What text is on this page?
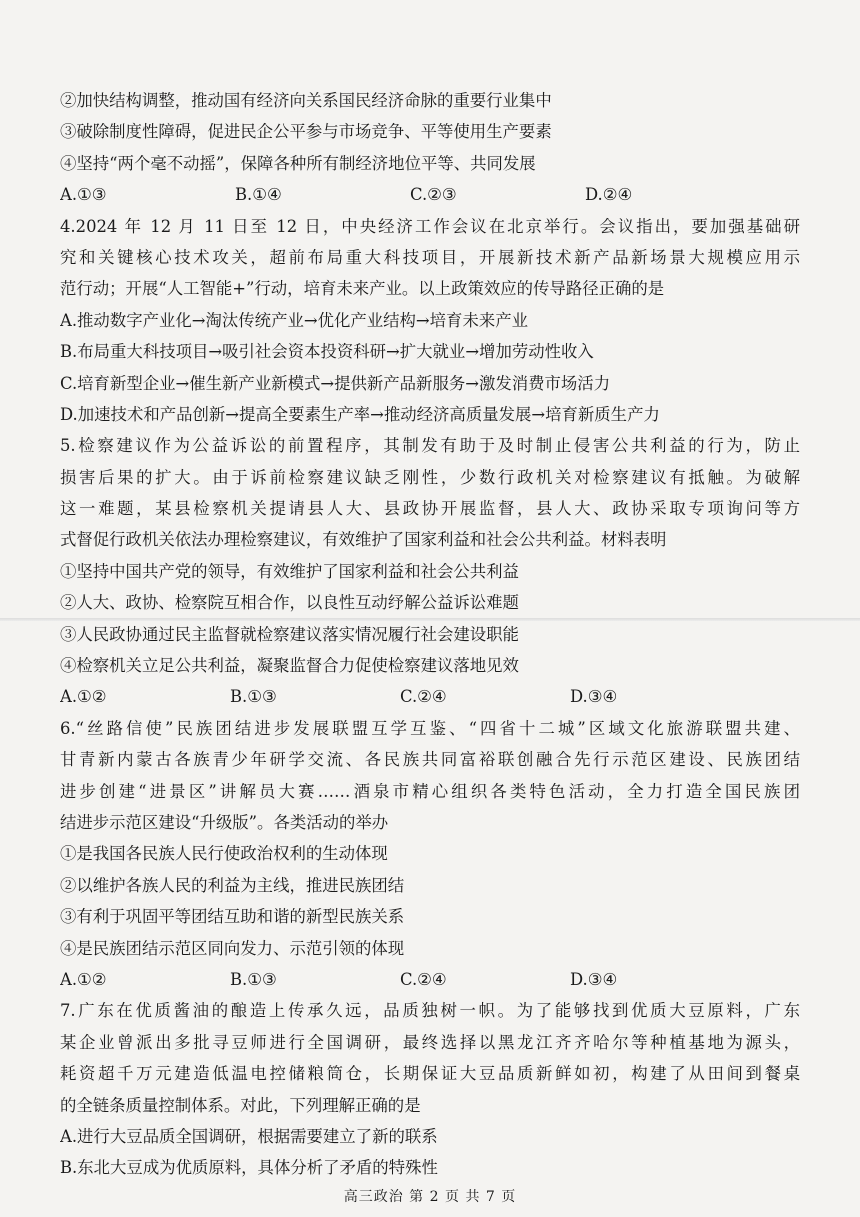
②加快结构调整，推动国有经济向关系国民经济命脉的重要行业集中
③破除制度性障碍，促进民企公平参与市场竞争、平等使用生产要素
④坚持“两个毫不动摇”，保障各种所有制经济地位平等、共同发展
A.①③	B.①④	C.②③	D.②④
4.2024 年 12 月 11 日至 12 日，中央经济工作会议在北京举行。会议指出，要加强基础研
究和关键核心技术攻关，超前布局重大科技项目，开展新技术新产品新场景大规模应用示
范行动；开展“人工智能+”行动，培育未来产业。以上政策效应的传导路径正确的是
A.推动数字产业化→淘汰传统产业→优化产业结构→培育未来产业
B.布局重大科技项目→吸引社会资本投资科研→扩大就业→增加劳动性收入
C.培育新型企业→催生新产业新模式→提供新产品新服务→激发消费市场活力
D.加速技术和产品创新→提高全要素生产率→推动经济高质量发展→培育新质生产力
5.检察建议作为公益诉讼的前置程序，其制发有助于及时制止侵害公共利益的行为，防止
损害后果的扩大。由于诉前检察建议缺乏刚性，少数行政机关对检察建议有抵触。为破解
这一难题，某县检察机关提请县人大、县政协开展监督，县人大、政协采取专项询问等方
式督促行政机关依法办理检察建议，有效维护了国家利益和社会公共利益。材料表明
①坚持中国共产党的领导，有效维护了国家利益和社会公共利益
②人大、政协、检察院互相合作，以良性互动纾解公益诉讼难题
③人民政协通过民主监督就检察建议落实情况履行社会建设职能
④检察机关立足公共利益，凝聚监督合力促使检察建议落地见效
A.①②	B.①③	C.②④	D.③④
6.“丝路信使”民族团结进步发展联盟互学互鉴、“四省十二城”区域文化旅游联盟共建、
甘青新内蒙古各族青少年研学交流、各民族共同富裕联创融合先行示范区建设、民族团结
进步创建“进景区”讲解员大赛……酒泉市精心组织各类特色活动，全力打造全国民族团
结进步示范区建设“升级版”。各类活动的举办
①是我国各民族人民行使政治权利的生动体现
②以维护各族人民的利益为主线，推进民族团结
③有利于巩固平等团结互助和谐的新型民族关系
④是民族团结示范区同向发力、示范引领的体现
A.①②	B.①③	C.②④	D.③④
7.广东在优质酱油的酿造上传承久远，品质独树一帜。为了能够找到优质大豆原料，广东
某企业曾派出多批寻豆师进行全国调研，最终选择以黑龙江齐齐哈尔等种植基地为源头，
耗资超千万元建造低温电控储粮筒仓，长期保证大豆品质新鲜如初，构建了从田间到餐桌
的全链条质量控制体系。对此，下列理解正确的是
A.进行大豆品质全国调研，根据需要建立了新的联系
B.东北大豆成为优质原料，具体分析了矛盾的特殊性
高三政治 第 2 页 共 7 页
